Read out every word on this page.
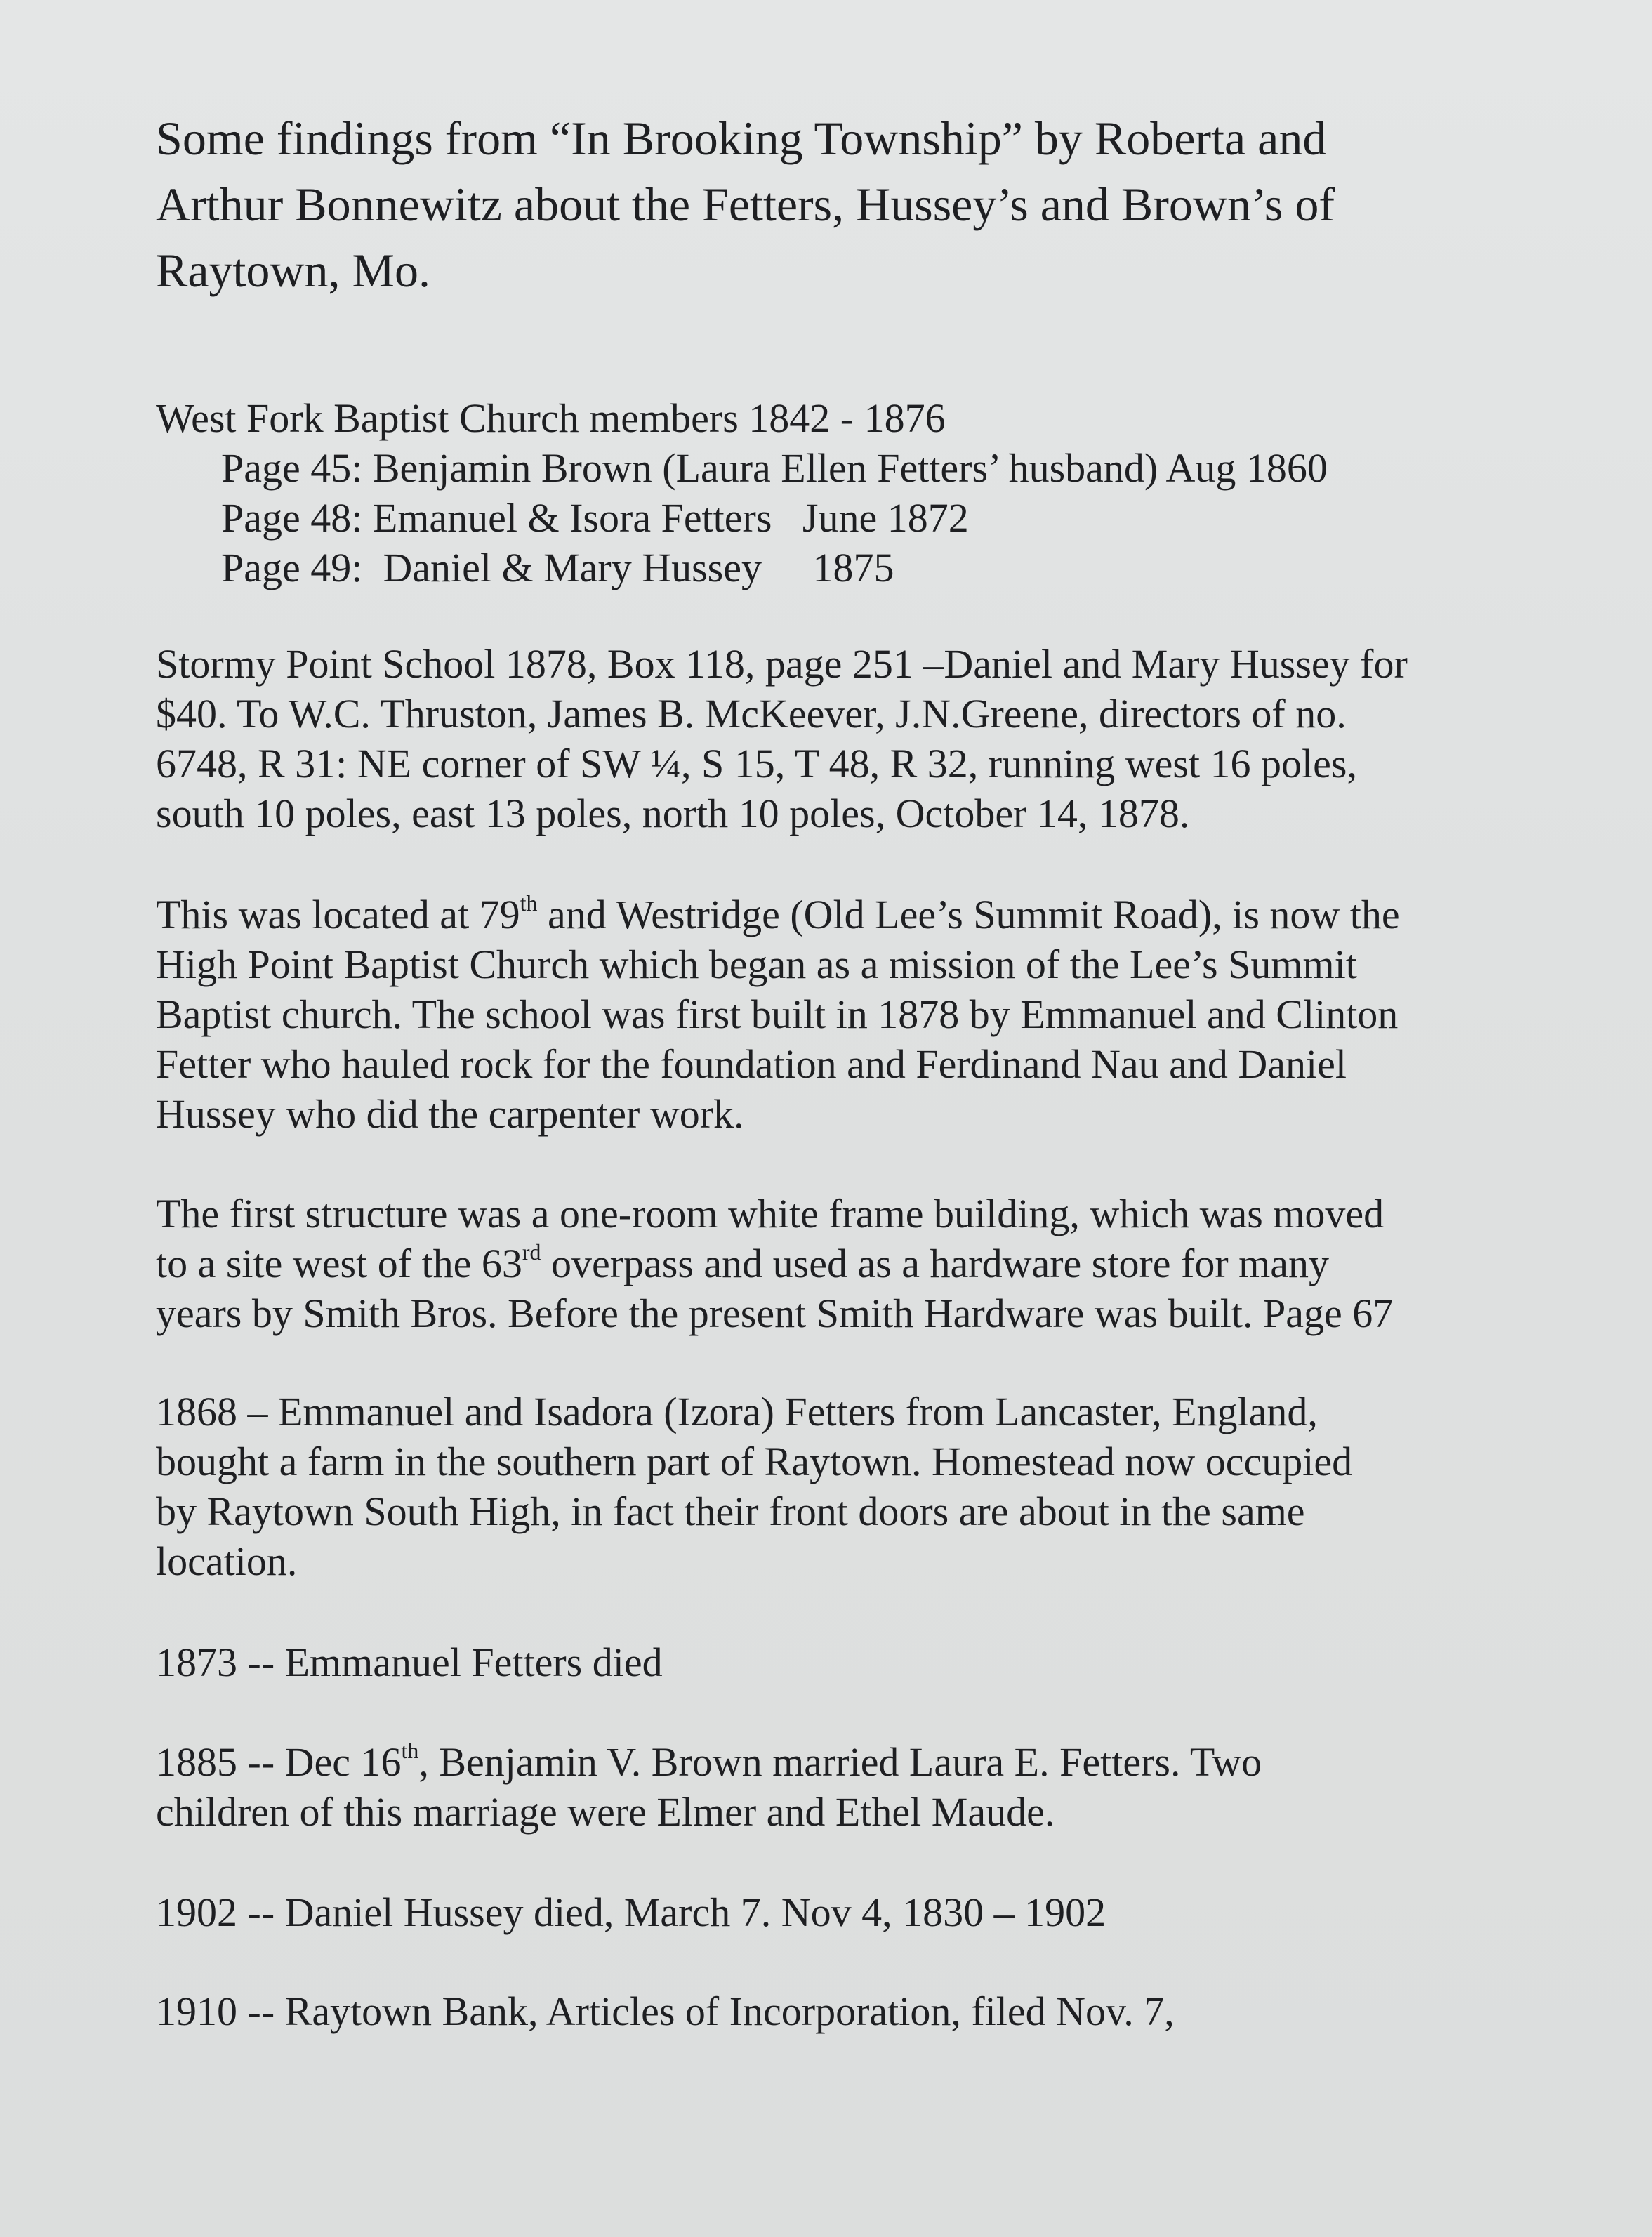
Some findings from “In Brooking Township” by Roberta and
Arthur Bonnewitz about the Fetters, Hussey’s and Brown’s of
Raytown, Mo.
West Fork Baptist Church members 1842 - 1876
Page 45: Benjamin Brown (Laura Ellen Fetters’ husband) Aug 1860
Page 48: Emanuel & Isora Fetters   June 1872
Page 49:  Daniel & Mary Hussey     1875
Stormy Point School 1878, Box 118, page 251 –Daniel and Mary Hussey for
$40. To W.C. Thruston, James B. McKeever, J.N.Greene, directors of no.
6748, R 31: NE corner of SW ¼, S 15, T 48, R 32, running west 16 poles,
south 10 poles, east 13 poles, north 10 poles, October 14, 1878.
This was located at 79th and Westridge (Old Lee’s Summit Road), is now the
High Point Baptist Church which began as a mission of the Lee’s Summit
Baptist church. The school was first built in 1878 by Emmanuel and Clinton
Fetter who hauled rock for the foundation and Ferdinand Nau and Daniel
Hussey who did the carpenter work.
The first structure was a one-room white frame building, which was moved
to a site west of the 63rd overpass and used as a hardware store for many
years by Smith Bros. Before the present Smith Hardware was built. Page 67
1868 – Emmanuel and Isadora (Izora) Fetters from Lancaster, England,
bought a farm in the southern part of Raytown. Homestead now occupied
by Raytown South High, in fact their front doors are about in the same
location.
1873 -- Emmanuel Fetters died
1885 -- Dec 16th, Benjamin V. Brown married Laura E. Fetters. Two
children of this marriage were Elmer and Ethel Maude.
1902 -- Daniel Hussey died, March 7. Nov 4, 1830 – 1902
1910 -- Raytown Bank, Articles of Incorporation, filed Nov. 7,
